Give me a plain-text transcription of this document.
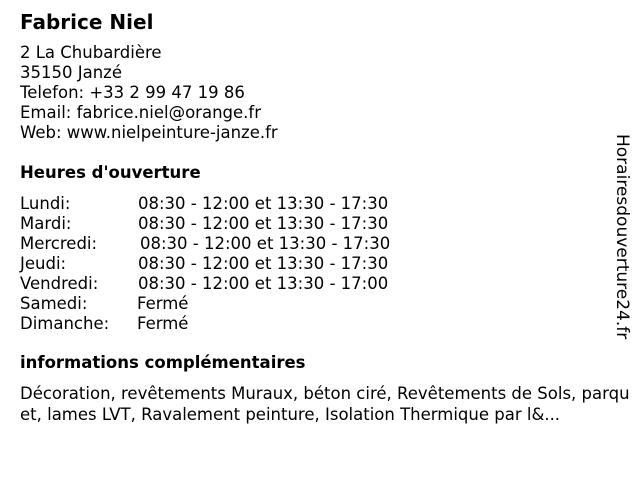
Fabrice Niel
2 La Chubardière
35150 Janzé
Telefon: +33 2 99 47 19 86
Email: fabrice.niel@orange.fr
Web: www.nielpeinture-janze.fr
Heures d'ouverture
Lundi:	08:30 - 12:00 et 13:30 - 17:30
Mardi:	08:30 - 12:00 et 13:30 - 17:30
Mercredi:	08:30 - 12:00 et 13:30 - 17:30
Jeudi:	08:30 - 12:00 et 13:30 - 17:30
Vendredi: 08:30 - 12:00 et 13:30 - 17:00
Samedi:	Fermé
Dimanche: Fermé
informations complémentaires
Décoration, revêtements Muraux, béton ciré, Revêtements de Sols, parquet, lames LVT, Ravalement peinture, Isolation Thermique par l&...
Horairesdouverture24.fr
